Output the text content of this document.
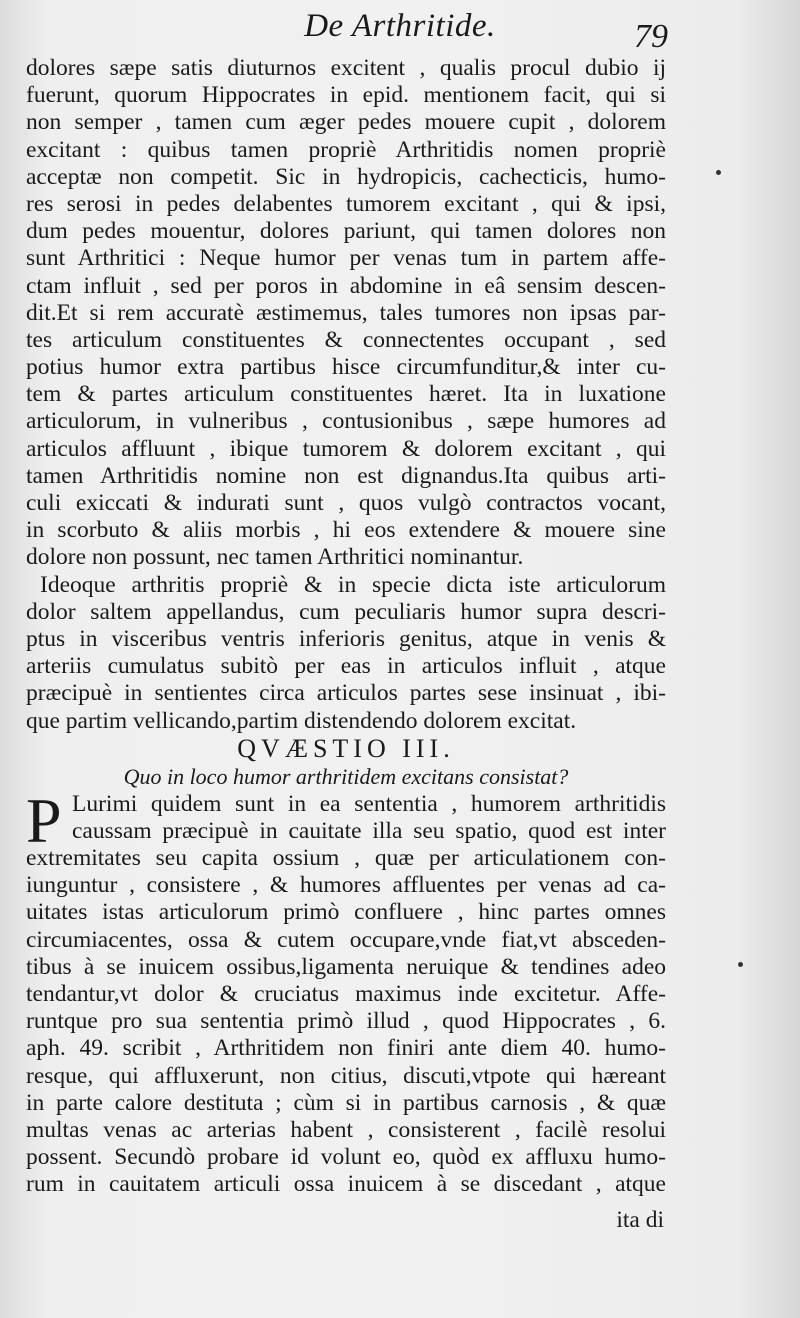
De Arthritide.	79
dolores sæpe satis diuturnos excitent , qualis procul dubio ij
fuerunt, quorum Hippocrates in epid. mentionem facit, qui si
non semper , tamen cum æger pedes mouere cupit , dolorem
excitant : quibus tamen propriè Arthritidis nomen propriè
acceptæ non competit. Sic in hydropicis, cachecticis, humo-
res serosi in pedes delabentes tumorem excitant , qui & ipsi,
dum pedes mouentur, dolores pariunt, qui tamen dolores non
sunt Arthritici : Neque humor per venas tum in partem affe-
ctam influit , sed per poros in abdomine in eâ sensim descen-
dit.Et si rem accuratè æstimemus, tales tumores non ipsas par-
tes articulum constituentes & connectentes occupant , sed
potius humor extra partibus hisce circumfunditur,& inter cu-
tem & partes articulum constituentes hæret. Ita in luxatione
articulorum, in vulneribus , contusionibus , sæpe humores ad
articulos affluunt , ibique tumorem & dolorem excitant , qui
tamen Arthritidis nomine non est dignandus.Ita quibus arti-
culi exiccati & indurati sunt , quos vulgò contractos vocant,
in scorbuto & aliis morbis , hi eos extendere & mouere sine
dolore non possunt, nec tamen Arthritici nominantur.
Ideoque arthritis propriè & in specie dicta iste articulorum
dolor saltem appellandus, cum peculiaris humor supra descri-
ptus in visceribus ventris inferioris genitus, atque in venis &
arteriis cumulatus subitò per eas in articulos influit , atque
præcipuè in sentientes circa articulos partes sese insinuat , ibi-
que partim vellicando,partim distendendo dolorem excitat.
QVÆSTIO III.
Quo in loco humor arthritidem excitans consistat?
P Lurimi quidem sunt in ea sententia , humorem arthritidis
caussam præcipuè in cauitate illa seu spatio, quod est inter
extremitates seu capita ossium , quæ per articulationem con-
iunguntur , consistere , & humores affluentes per venas ad ca-
uitates istas articulorum primò confluere , hinc partes omnes
circumiacentes, ossa & cutem occupare,vnde fiat,vt absceden-
tibus à se inuicem ossibus,ligamenta neruique & tendines adeo
tendantur,vt dolor & cruciatus maximus inde excitetur. Affe-
runtque pro sua sententia primò illud , quod Hippocrates , 6.
aph. 49. scribit , Arthritidem non finiri ante diem 40. humo-
resque, qui affluxerunt, non citius, discuti,vtpote qui hæreant
in parte calore destituta ; cùm si in partibus carnosis , & quæ
multas venas ac arterias habent , consisterent , facilè resolui
possent. Secundò probare id volunt eo, quòd ex affluxu humo-
rum in cauitatem articuli ossa inuicem à se discedant , atque
ita di
